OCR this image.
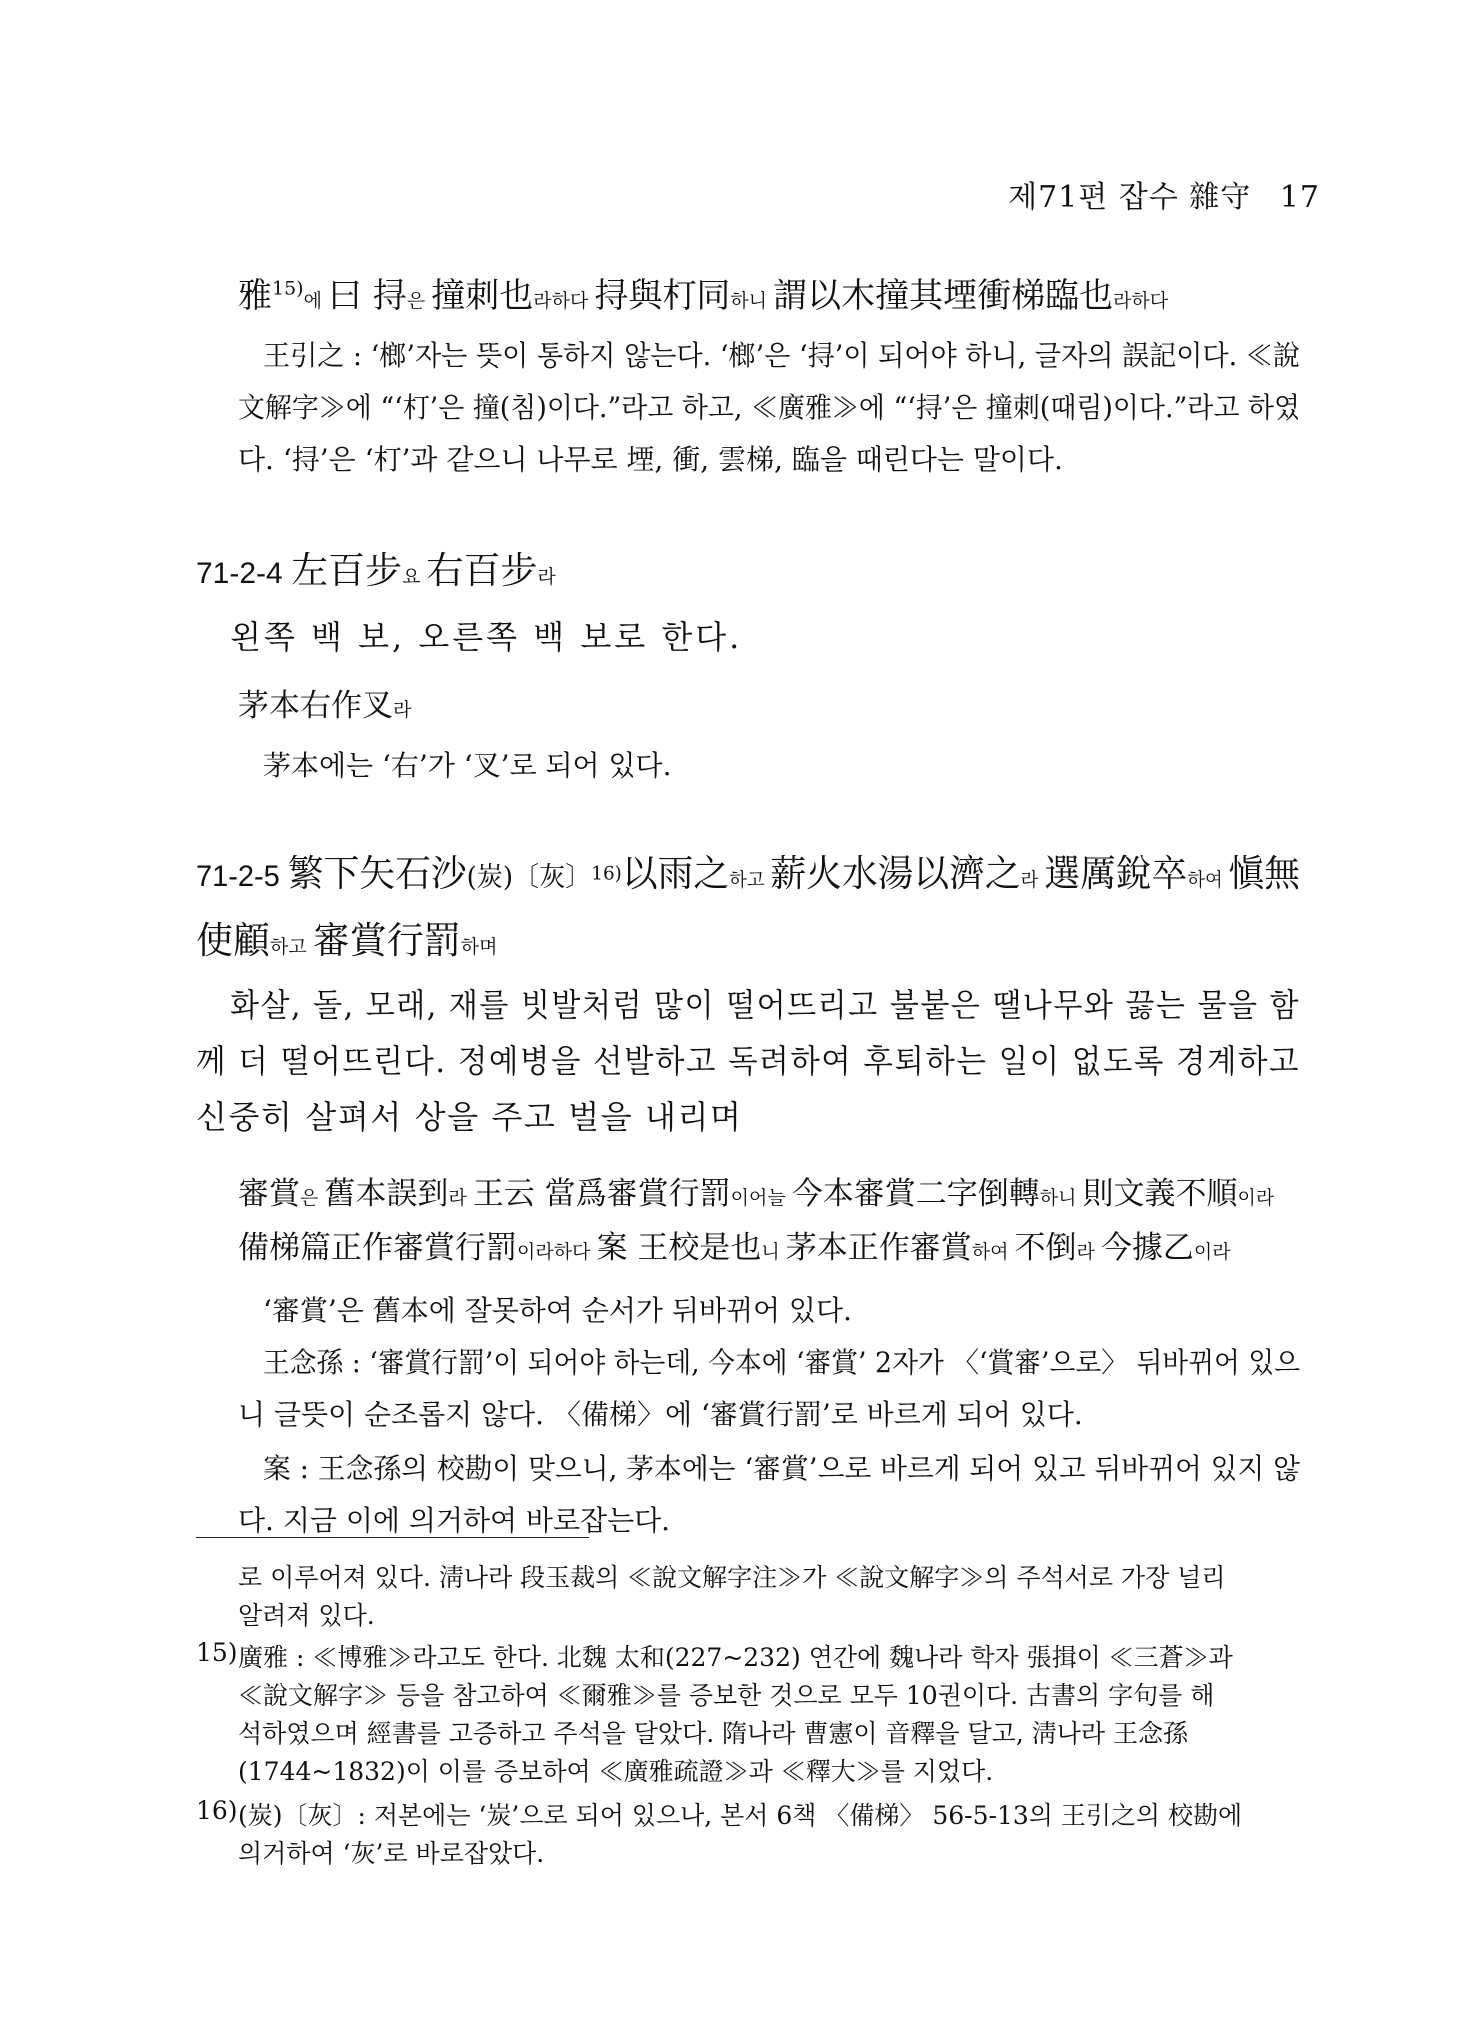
제71편 잡수 雜守 17
雅$^{15)}$에 曰 挦은 撞刺也라하다 挦與朾同하니 謂以木撞其堙衝梯臨也라하다
王引之 : ‘榔’자는 뜻이 통하지 않는다. ‘榔’은 ‘挦’이 되어야 하니, 글자의 誤記이다. ≪說
文解字≫에 “‘朾’은 撞(침)이다.”라고 하고, ≪廣雅≫에 “‘挦’은 撞刺(때림)이다.”라고 하였
다. ‘挦’은 ‘朾’과 같으니 나무로 堙, 衝, 雲梯, 臨을 때린다는 말이다.
71-2-4 左百步요 右百步라
왼쪽 백 보, 오른쪽 백 보로 한다.
茅本右作叉라
茅本에는 ‘右’가 ‘叉’로 되어 있다.
71-2-5 繁下矢石沙(炭)〔灰〕$^{16)}$以雨之하고 薪火水湯以濟之라 選厲銳卒하여 愼無
使顧하고 審賞行罰하며
화살, 돌, 모래, 재를 빗발처럼 많이 떨어뜨리고 불붙은 땔나무와 끓는 물을 함
께 더 떨어뜨린다. 정예병을 선발하고 독려하여 후퇴하는 일이 없도록 경계하고
신중히 살펴서 상을 주고 벌을 내리며
審賞은 舊本誤到라 王云 當爲審賞行罰이어늘 今本審賞二字倒轉하니 則文義不順이라
備梯篇正作審賞行罰이라하다 案 王校是也니 茅本正作審賞하여 不倒라 今據乙이라
‘審賞’은 舊本에 잘못하여 순서가 뒤바뀌어 있다.
王念孫 : ‘審賞行罰’이 되어야 하는데, 今本에 ‘審賞’ 2자가 〈‘賞審’으로〉 뒤바뀌어 있으
니 글뜻이 순조롭지 않다. 〈備梯〉에 ‘審賞行罰’로 바르게 되어 있다.
案 : 王念孫의 校勘이 맞으니, 茅本에는 ‘審賞’으로 바르게 되어 있고 뒤바뀌어 있지 않
다. 지금 이에 의거하여 바로잡는다.
로 이루어져 있다. 淸나라 段玉裁의 ≪說文解字注≫가 ≪說文解字≫의 주석서로 가장 널리
알려져 있다.
15) 廣雅 : ≪博雅≫라고도 한다. 北魏 太和(227~232) 연간에 魏나라 학자 張揖이 ≪三蒼≫과
≪說文解字≫ 등을 참고하여 ≪爾雅≫를 증보한 것으로 모두 10권이다. 古書의 字句를 해
석하였으며 經書를 고증하고 주석을 달았다. 隋나라 曹憲이 音釋을 달고, 淸나라 王念孫
(1744~1832)이 이를 증보하여 ≪廣雅疏證≫과 ≪釋大≫를 지었다.
16) (炭)〔灰〕: 저본에는 ‘炭’으로 되어 있으나, 본서 6책 〈備梯〉 56-5-13의 王引之의 校勘에
의거하여 ‘灰’로 바로잡았다.
